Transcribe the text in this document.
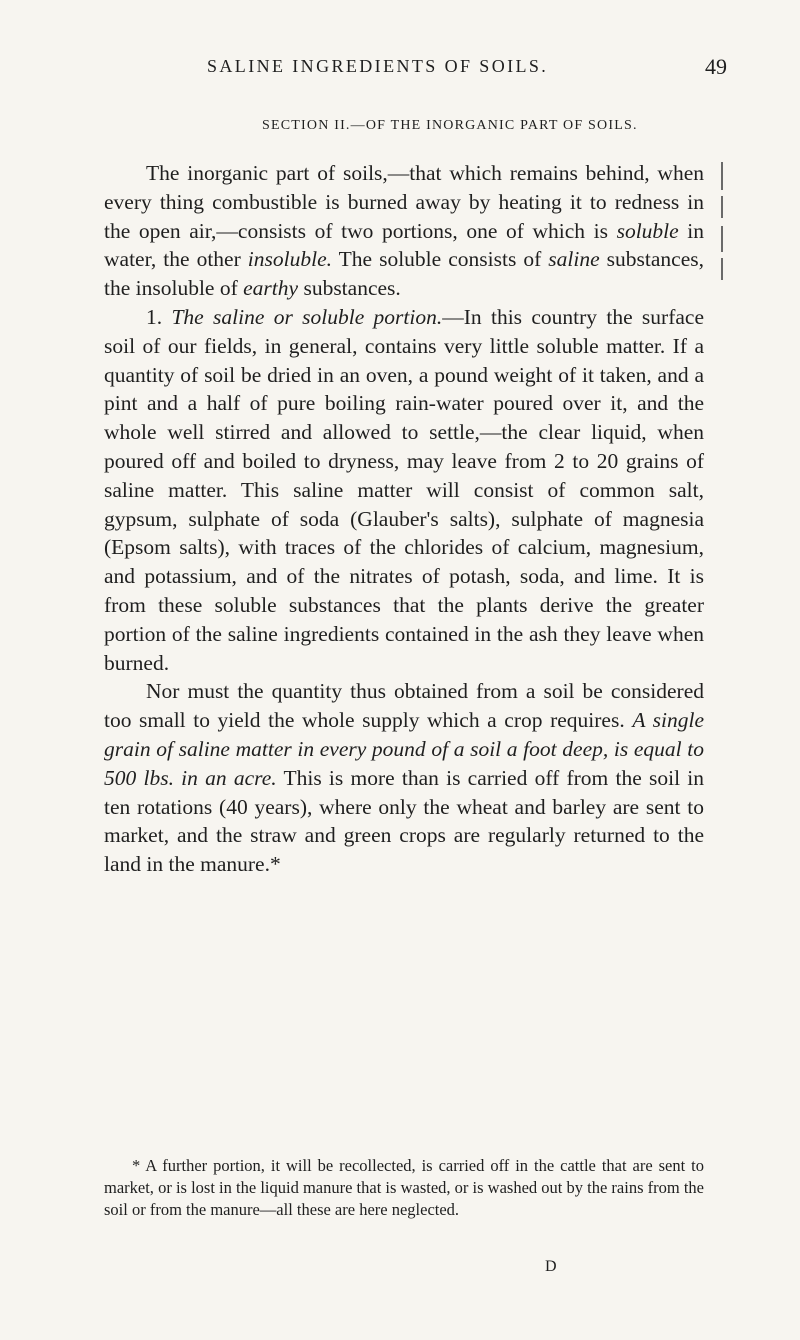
SALINE INGREDIENTS OF SOILS.	49
SECTION II.—OF THE INORGANIC PART OF SOILS.

The inorganic part of soils,—that which remains behind, when every thing combustible is burned away by heating it to redness in the open air,—consists of two portions, one of which is soluble in water, the other insoluble. The soluble consists of saline substances, the insoluble of earthy substances.

1. The saline or soluble portion.—In this country the surface soil of our fields, in general, contains very little soluble matter. If a quantity of soil be dried in an oven, a pound weight of it taken, and a pint and a half of pure boiling rain-water poured over it, and the whole well stirred and allowed to settle,—the clear liquid, when poured off and boiled to dryness, may leave from 2 to 20 grains of saline matter. This saline matter will consist of common salt, gypsum, sulphate of soda (Glauber's salts), sulphate of magnesia (Epsom salts), with traces of the chlorides of calcium, magnesium, and potassium, and of the nitrates of potash, soda, and lime. It is from these soluble substances that the plants derive the greater portion of the saline ingredients contained in the ash they leave when burned.

Nor must the quantity thus obtained from a soil be considered too small to yield the whole supply which a crop requires. A single grain of saline matter in every pound of a soil a foot deep, is equal to 500 lbs. in an acre. This is more than is carried off from the soil in ten rotations (40 years), where only the wheat and barley are sent to market, and the straw and green crops are regularly returned to the land in the manure.*

* A further portion, it will be recollected, is carried off in the cattle that are sent to market, or is lost in the liquid manure that is wasted, or is washed out by the rains from the soil or from the manure—all these are here neglected.

D
